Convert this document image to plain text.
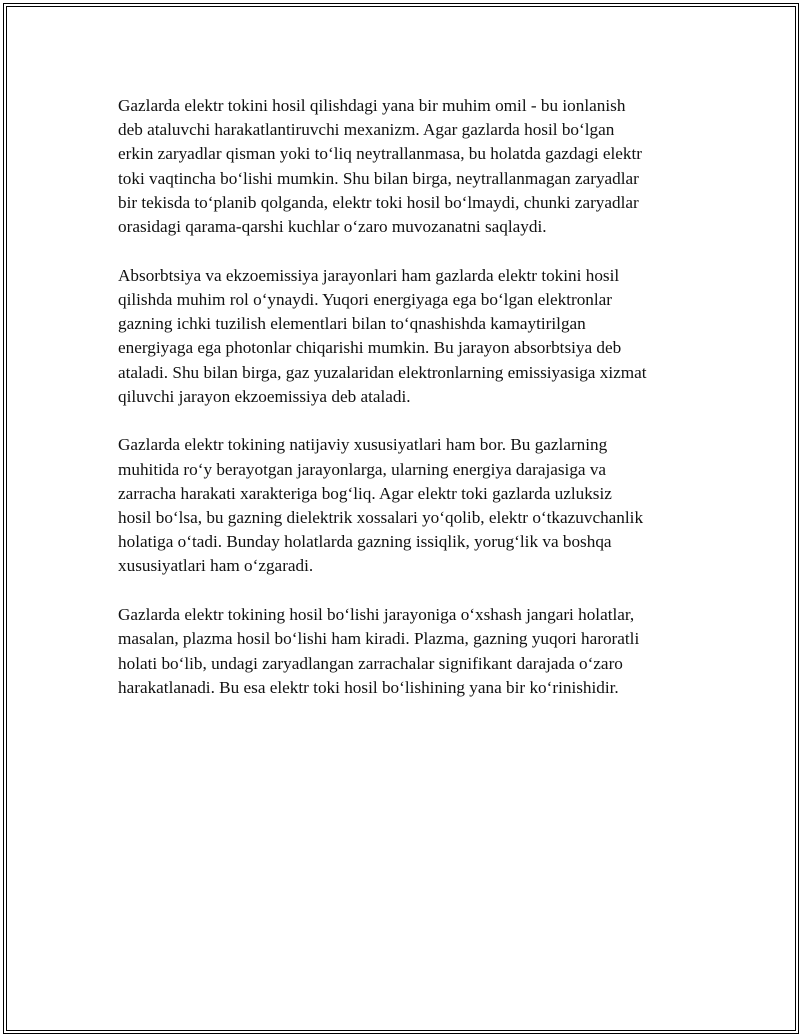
Gazlarda elektr tokini hosil qilishdagi yana bir muhim omil - bu ionlanish
deb ataluvchi harakatlantiruvchi mexanizm. Agar gazlarda hosil bo‘lgan
erkin zaryadlar qisman yoki to‘liq neytrallanmasa, bu holatda gazdagi elektr
toki vaqtincha bo‘lishi mumkin. Shu bilan birga, neytrallanmagan zaryadlar
bir tekisda to‘planib qolganda, elektr toki hosil bo‘lmaydi, chunki zaryadlar
orasidagi qarama-qarshi kuchlar o‘zaro muvozanatni saqlaydi.

Absorbtsiya va ekzoemissiya jarayonlari ham gazlarda elektr tokini hosil
qilishda muhim rol o‘ynaydi. Yuqori energiyaga ega bo‘lgan elektronlar
gazning ichki tuzilish elementlari bilan to‘qnashishda kamaytirilgan
energiyaga ega photonlar chiqarishi mumkin. Bu jarayon absorbtsiya deb
ataladi. Shu bilan birga, gaz yuzalaridan elektronlarning emissiyasiga xizmat
qiluvchi jarayon ekzoemissiya deb ataladi.

Gazlarda elektr tokining natijaviy xususiyatlari ham bor. Bu gazlarning
muhitida ro‘y berayotgan jarayonlarga, ularning energiya darajasiga va
zarracha harakati xarakteriga bog‘liq. Agar elektr toki gazlarda uzluksiz
hosil bo‘lsa, bu gazning dielektrik xossalari yo‘qolib, elektr o‘tkazuvchanlik
holatiga o‘tadi. Bunday holatlarda gazning issiqlik, yorug‘lik va boshqa
xususiyatlari ham o‘zgaradi.

Gazlarda elektr tokining hosil bo‘lishi jarayoniga o‘xshash jangari holatlar,
masalan, plazma hosil bo‘lishi ham kiradi. Plazma, gazning yuqori haroratli
holati bo‘lib, undagi zaryadlangan zarrachalar signifikant darajada o‘zaro
harakatlanadi. Bu esa elektr toki hosil bo‘lishining yana bir ko‘rinishidir.
